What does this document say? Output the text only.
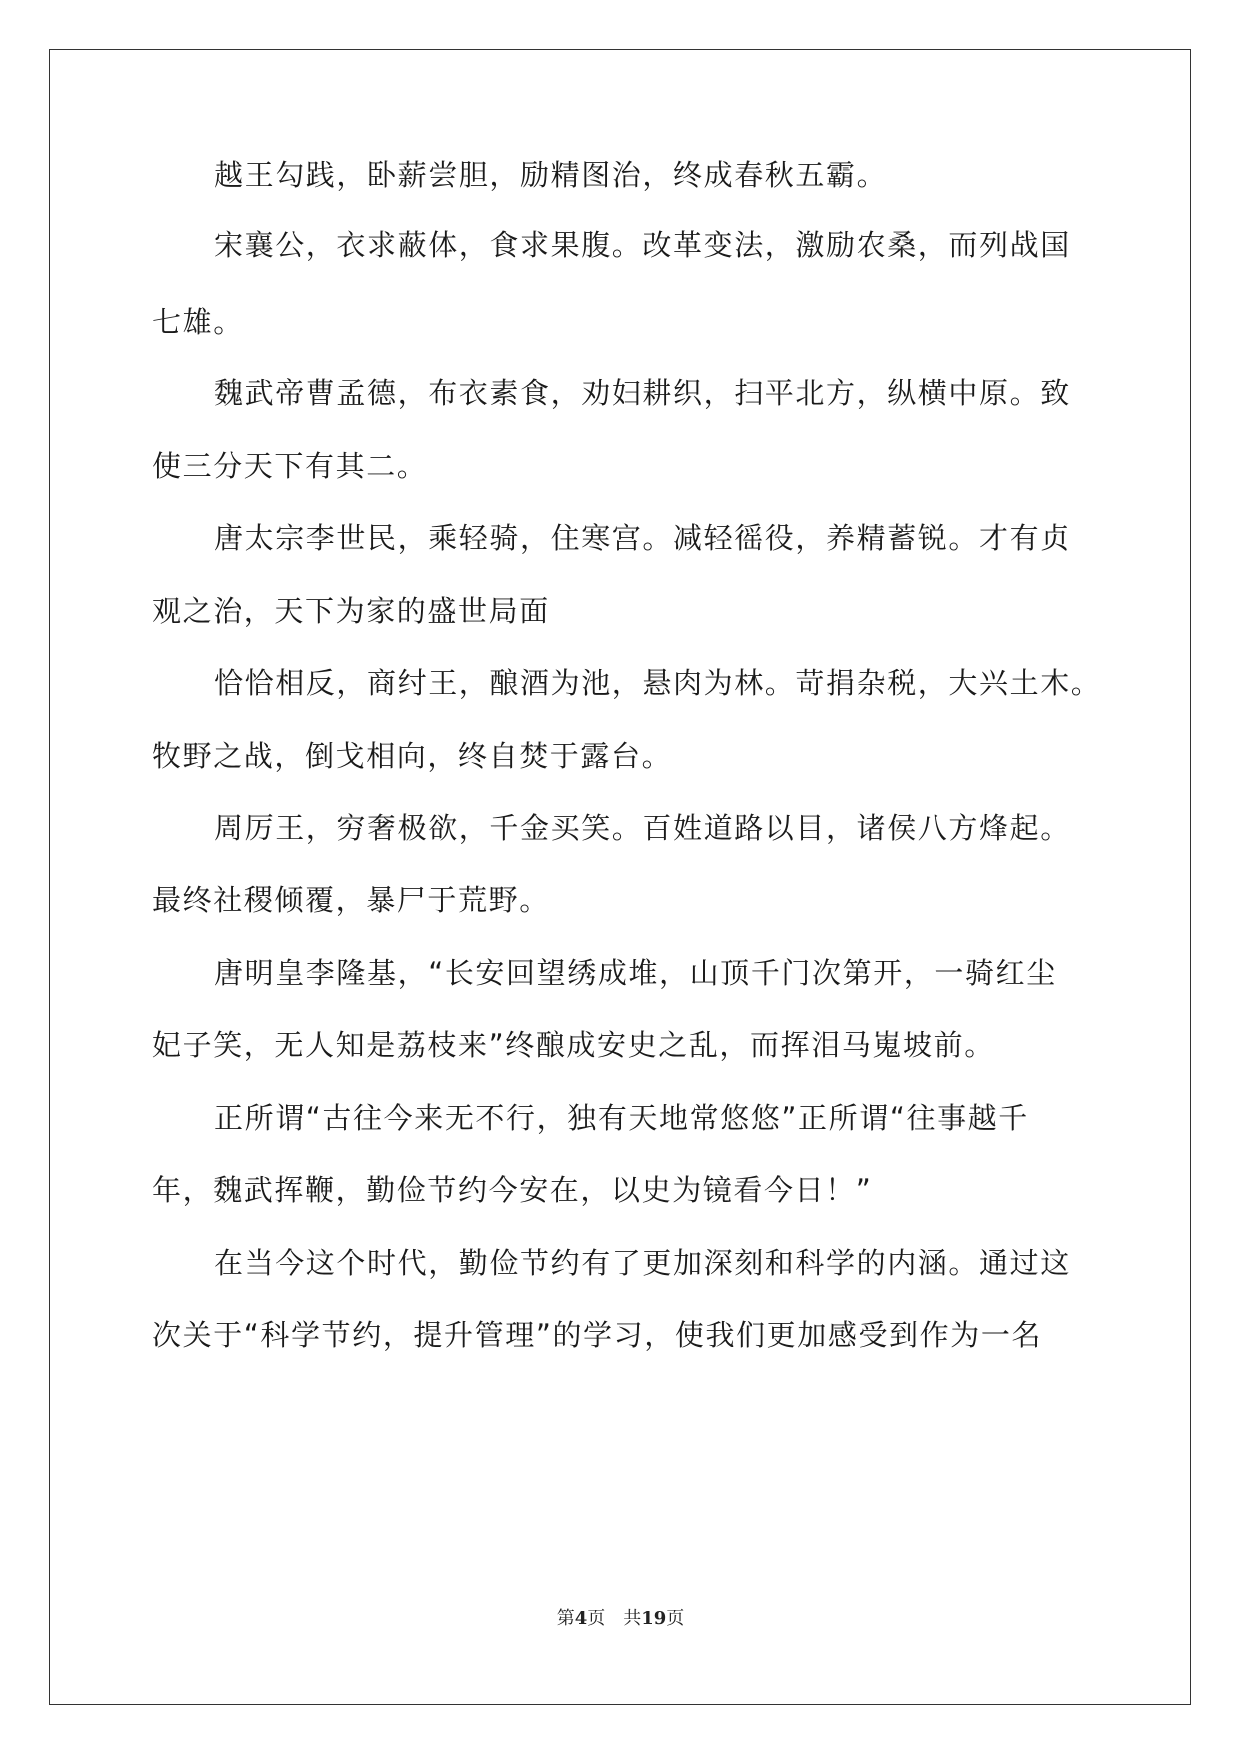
越王勾践，卧薪尝胆，励精图治，终成春秋五霸。
宋襄公，衣求蔽体，食求果腹。改革变法，激励农桑，而列战国
七雄。
魏武帝曹孟德，布衣素食，劝妇耕织，扫平北方，纵横中原。致
使三分天下有其二。
唐太宗李世民，乘轻骑，住寒宫。减轻徭役，养精蓄锐。才有贞
观之治，天下为家的盛世局面
恰恰相反，商纣王，酿酒为池，悬肉为林。苛捐杂税，大兴土木。
牧野之战，倒戈相向，终自焚于露台。
周厉王，穷奢极欲，千金买笑。百姓道路以目，诸侯八方烽起。
最终社稷倾覆，暴尸于荒野。
唐明皇李隆基，“长安回望绣成堆，山顶千门次第开，一骑红尘
妃子笑，无人知是荔枝来”终酿成安史之乱，而挥泪马嵬坡前。
正所谓“古往今来无不行，独有天地常悠悠”正所谓“往事越千
年，魏武挥鞭，勤俭节约今安在，以史为镜看今日！”
在当今这个时代，勤俭节约有了更加深刻和科学的内涵。通过这
次关于“科学节约，提升管理”的学习，使我们更加感受到作为一名
第4页 共19页
